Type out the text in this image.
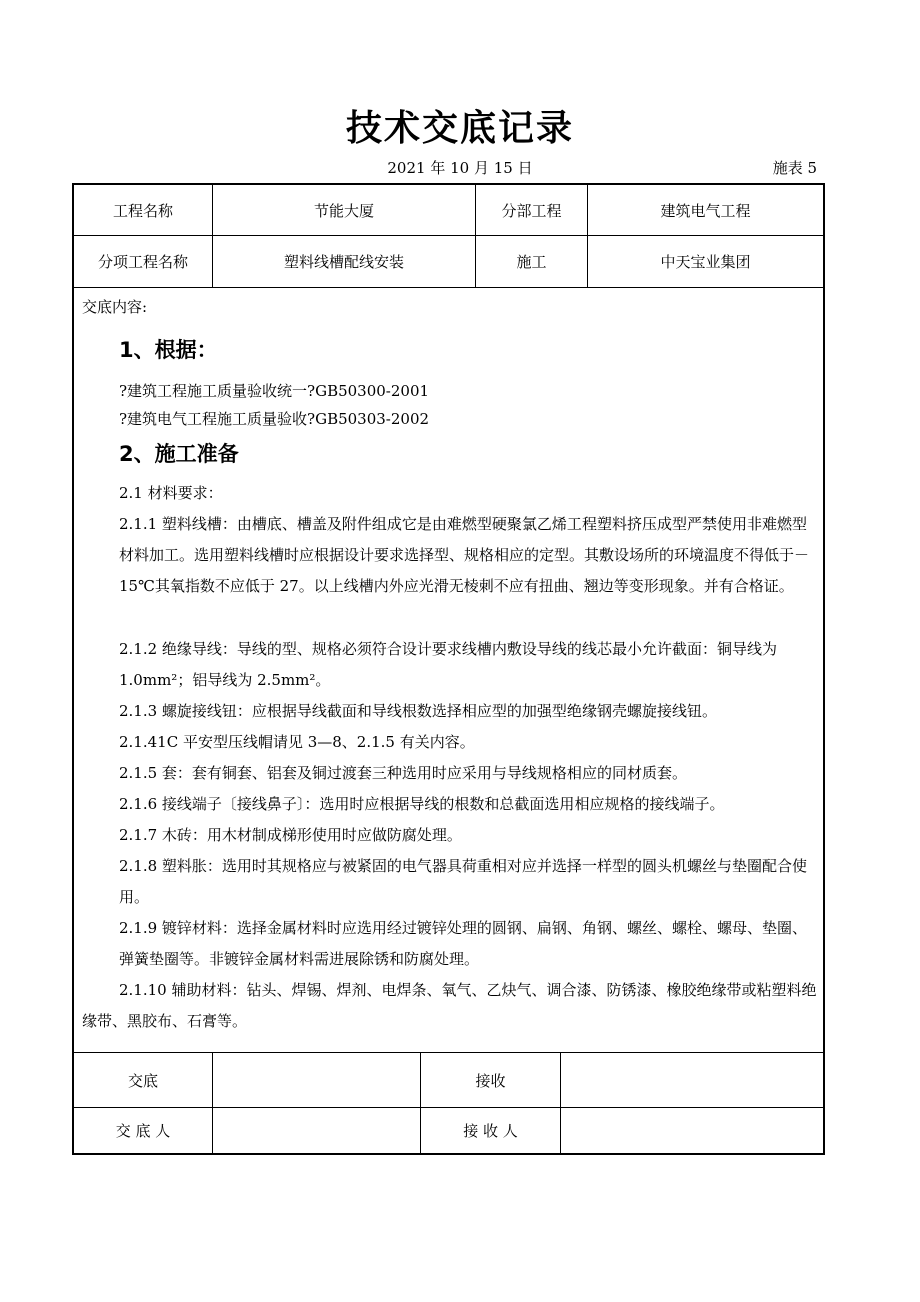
技术交底记录
2021 年 10 月 15 日	施表 5
工程名称	节能大厦	分部工程	建筑电气工程
分项工程名称	塑料线槽配线安装	施工	中天宝业集团
交底内容:
1、根据：
?建筑工程施工质量验收统一?GB50300-2001
?建筑电气工程施工质量验收?GB50303-2002
2、施工准备
2.1 材料要求：
2.1.1 塑料线槽：由槽底、槽盖及附件组成它是由难燃型硬聚氯乙烯工程塑料挤压成型严禁使用非难燃型材料加工。选用塑料线槽时应根据设计要求选择型、规格相应的定型。其敷设场所的环境温度不得低于－15℃其氧指数不应低于 27。以上线槽内外应光滑无棱刺不应有扭曲、翘边等变形现象。并有合格证。
2.1.2 绝缘导线：导线的型、规格必须符合设计要求线槽内敷设导线的线芯最小允许截面：铜导线为 1.0mm²；铝导线为 2.5mm²。
2.1.3 螺旋接线钮：应根据导线截面和导线根数选择相应型的加强型绝缘钢壳螺旋接线钮。
2.1.41C 平安型压线帽请见 3—8、2.1.5 有关内容。
2.1.5 套：套有铜套、铝套及铜过渡套三种选用时应采用与导线规格相应的同材质套。
2.1.6 接线端子〔接线鼻子〕：选用时应根据导线的根数和总截面选用相应规格的接线端子。
2.1.7 木砖：用木材制成梯形使用时应做防腐处理。
2.1.8 塑料胀：选用时其规格应与被紧固的电气器具荷重相对应并选择一样型的圆头机螺丝与垫圈配合使用。
2.1.9 镀锌材料：选择金属材料时应选用经过镀锌处理的圆钢、扁钢、角钢、螺丝、螺栓、螺母、垫圈、弹簧垫圈等。非镀锌金属材料需进展除锈和防腐处理。
2.1.10 辅助材料：钻头、焊锡、焊剂、电焊条、氧气、乙炔气、调合漆、防锈漆、橡胶绝缘带或粘塑料绝缘带、黑胶布、石膏等。
交底	接收
交 底 人	接 收 人
